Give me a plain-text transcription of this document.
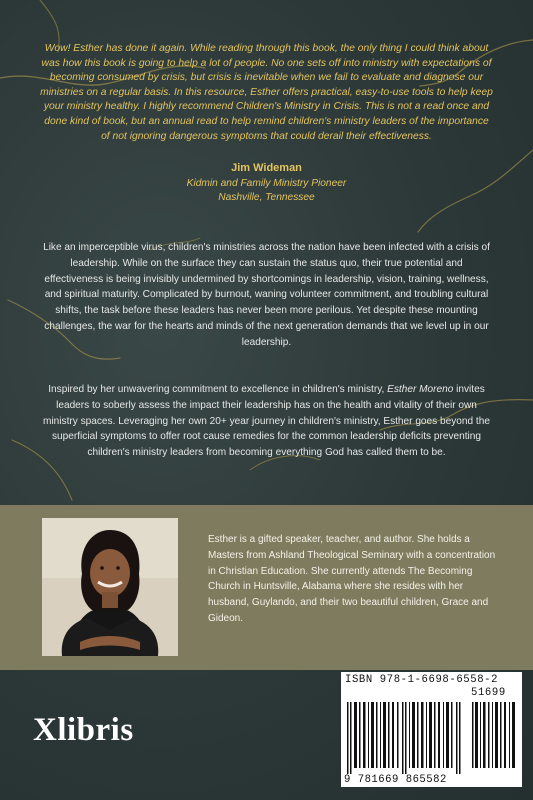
Wow! Esther has done it again. While reading through this book, the only thing I could think about was how this book is going to help a lot of people. No one sets off into ministry with expectations of becoming consumed by crisis, but crisis is inevitable when we fail to evaluate and diagnose our ministries on a regular basis. In this resource, Esther offers practical, easy-to-use tools to help keep your ministry healthy. I highly recommend Children's Ministry in Crisis. This is not a read once and done kind of book, but an annual read to help remind children's ministry leaders of the importance of not ignoring dangerous symptoms that could derail their effectiveness.
Jim Wideman
Kidmin and Family Ministry Pioneer
Nashville, Tennessee
Like an imperceptible virus, children's ministries across the nation have been infected with a crisis of leadership. While on the surface they can sustain the status quo, their true potential and effectiveness is being invisibly undermined by shortcomings in leadership, vision, training, wellness, and spiritual maturity. Complicated by burnout, waning volunteer commitment, and troubling cultural shifts, the task before these leaders has never been more perilous. Yet despite these mounting challenges, the war for the hearts and minds of the next generation demands that we level up in our leadership.
Inspired by her unwavering commitment to excellence in children's ministry, Esther Moreno invites leaders to soberly assess the impact their leadership has on the health and vitality of their own ministry spaces. Leveraging her own 20+ year journey in children's ministry, Esther goes beyond the superficial symptoms to offer root cause remedies for the common leadership deficits preventing children's ministry leaders from becoming everything God has called them to be.
Esther is a gifted speaker, teacher, and author. She holds a Masters from Ashland Theological Seminary with a concentration in Christian Education. She currently attends The Becoming Church in Huntsville, Alabama where she resides with her husband, Guylando, and their two beautiful children, Grace and Gideon.
Xlibris
ISBN 978-1-6698-6558-2
51699
9 781669 865582
